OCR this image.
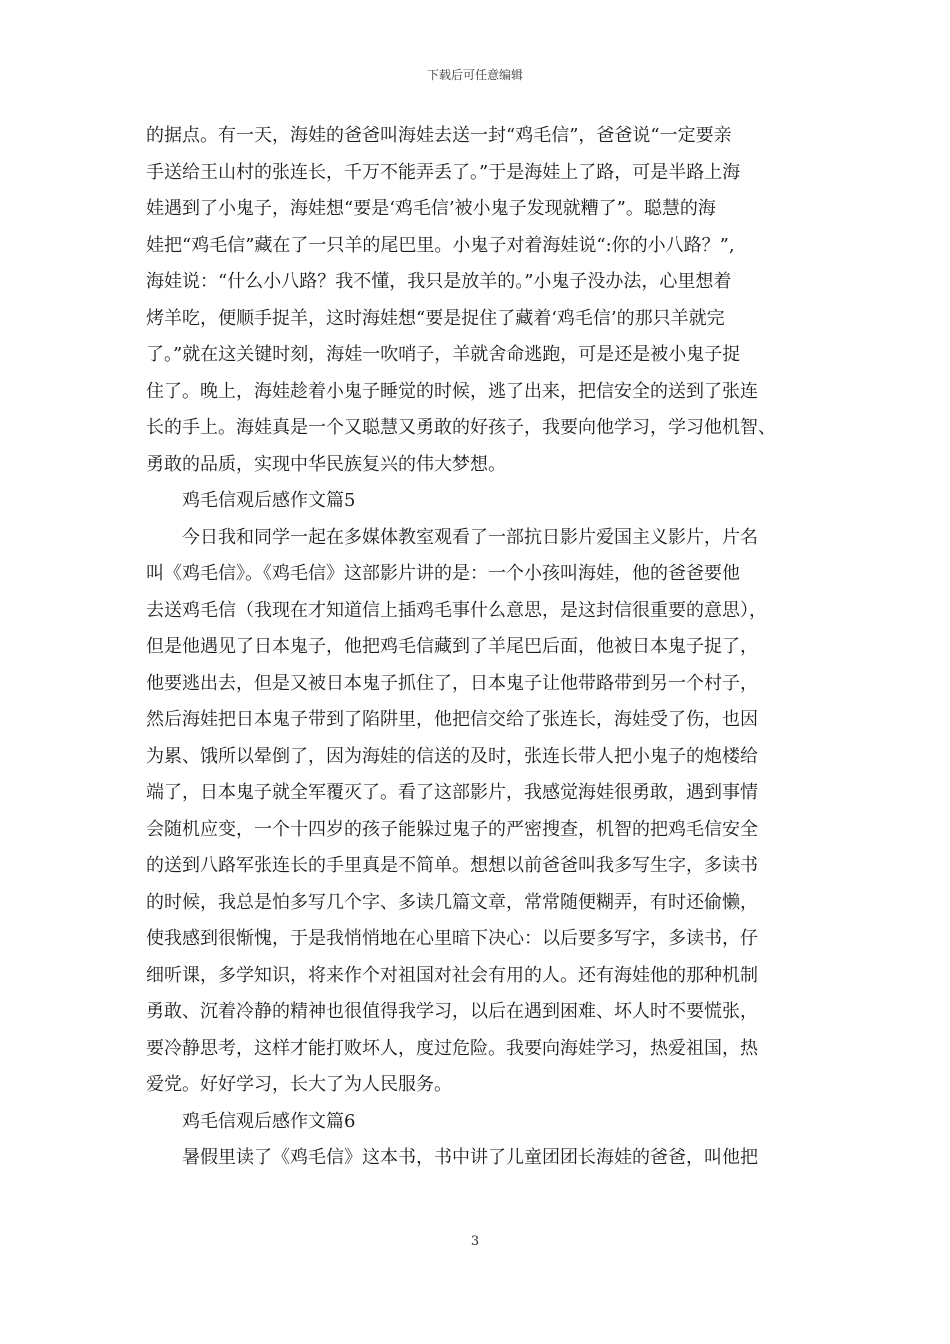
下载后可任意编辑
的据点。有一天，海娃的爸爸叫海娃去送一封“鸡毛信”，爸爸说“一定要亲
手送给王山村的张连长，千万不能弄丢了。”于是海娃上了路，可是半路上海
娃遇到了小鬼子，海娃想“要是‘鸡毛信’被小鬼子发现就糟了”。聪慧的海
娃把“鸡毛信”藏在了一只羊的尾巴里。小鬼子对着海娃说“:你的小八路？”,
海娃说：“什么小八路？我不懂，我只是放羊的。”小鬼子没办法，心里想着
烤羊吃，便顺手捉羊，这时海娃想“要是捉住了藏着‘鸡毛信’的那只羊就完
了。”就在这关键时刻，海娃一吹哨子，羊就舍命逃跑，可是还是被小鬼子捉
住了。晚上，海娃趁着小鬼子睡觉的时候，逃了出来，把信安全的送到了张连
长的手上。海娃真是一个又聪慧又勇敢的好孩子，我要向他学习，学习他机智、
勇敢的品质，实现中华民族复兴的伟大梦想。
鸡毛信观后感作文篇5
今日我和同学一起在多媒体教室观看了一部抗日影片爱国主义影片，片名
叫《鸡毛信》。《鸡毛信》这部影片讲的是：一个小孩叫海娃，他的爸爸要他
去送鸡毛信（我现在才知道信上插鸡毛事什么意思，是这封信很重要的意思），
但是他遇见了日本鬼子，他把鸡毛信藏到了羊尾巴后面，他被日本鬼子捉了，
他要逃出去，但是又被日本鬼子抓住了，日本鬼子让他带路带到另一个村子，
然后海娃把日本鬼子带到了陷阱里，他把信交给了张连长，海娃受了伤，也因
为累、饿所以晕倒了，因为海娃的信送的及时，张连长带人把小鬼子的炮楼给
端了，日本鬼子就全军覆灭了。看了这部影片，我感觉海娃很勇敢，遇到事情
会随机应变，一个十四岁的孩子能躲过鬼子的严密搜查，机智的把鸡毛信安全
的送到八路军张连长的手里真是不简单。想想以前爸爸叫我多写生字，多读书
的时候，我总是怕多写几个字、多读几篇文章，常常随便糊弄，有时还偷懒，
使我感到很惭愧，于是我悄悄地在心里暗下决心：以后要多写字，多读书，仔
细听课，多学知识，将来作个对祖国对社会有用的人。还有海娃他的那种机制
勇敢、沉着冷静的精神也很值得我学习，以后在遇到困难、坏人时不要慌张，
要冷静思考，这样才能打败坏人，度过危险。我要向海娃学习，热爱祖国，热
爱党。好好学习，长大了为人民服务。
鸡毛信观后感作文篇6
暑假里读了《鸡毛信》这本书，书中讲了儿童团团长海娃的爸爸，叫他把
3
